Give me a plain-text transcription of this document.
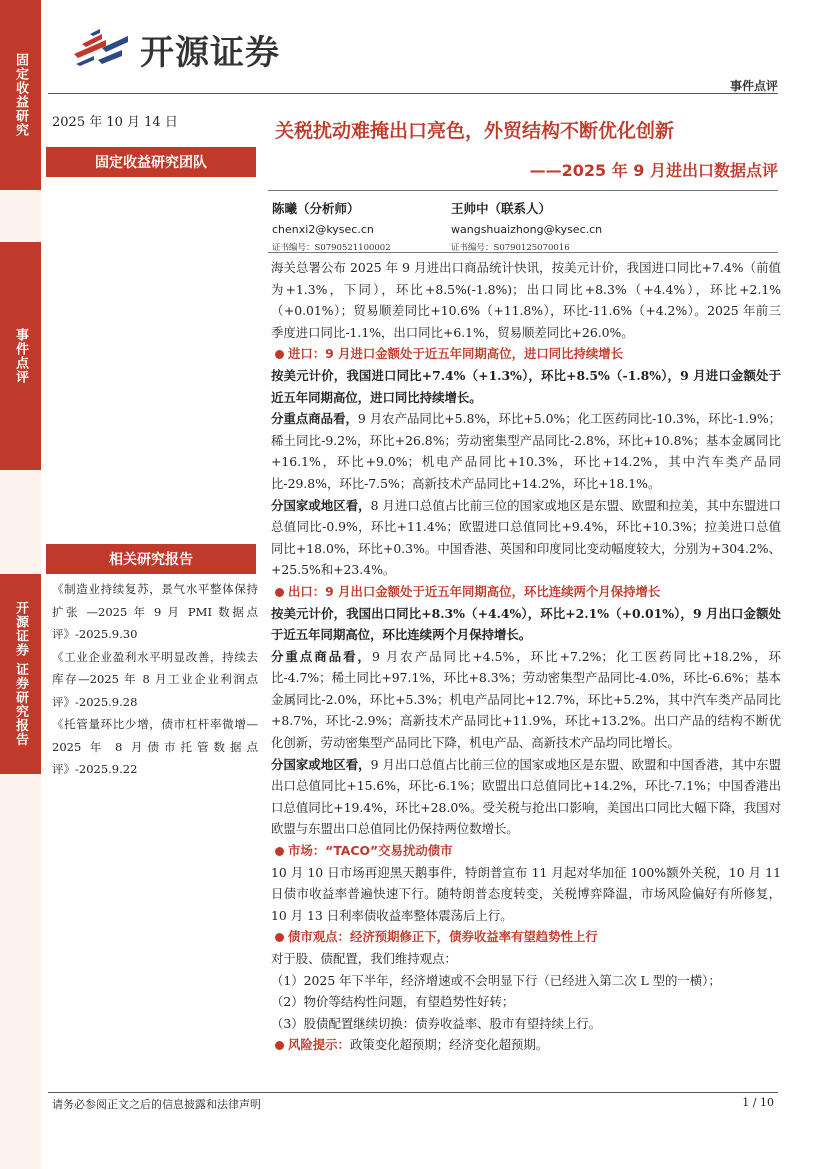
固定收益研究
事件点评
开源证券 证券研究报告
开源证券
事件点评
2025 年 10 月 14 日	关税扰动难掩出口亮色，外贸结构不断优化创新
——2025 年 9 月进出口数据点评
固定收益研究团队
陈曦（分析师）
chenxi2@kysec.cn
证书编号：S0790521100002
王帅中（联系人）
wangshuaizhong@kysec.cn
证书编号：S0790125070016

海关总署公布 2025 年 9 月进出口商品统计快讯，按美元计价，我国进口同比+7.4%（前值为+1.3%，下同），环比+8.5%(-1.8%)；出口同比+8.3%（+4.4%），环比+2.1%（+0.01%）；贸易顺差同比+10.6%（+11.8%），环比-11.6%（+4.2%）。2025 年前三季度进口同比-1.1%，出口同比+6.1%，贸易顺差同比+26.0%。

进口：9 月进口金额处于近五年同期高位，进口同比持续增长

按美元计价，我国进口同比+7.4%（+1.3%），环比+8.5%（-1.8%），9 月进口金额处于近五年同期高位，进口同比持续增长。

分重点商品看，9 月农产品同比+5.8%，环比+5.0%；化工医药同比-10.3%，环比-1.9%；稀土同比-9.2%，环比+26.8%；劳动密集型产品同比-2.8%，环比+10.8%；基本金属同比+16.1%，环比+9.0%；机电产品同比+10.3%，环比+14.2%，其中汽车类产品同比-29.8%，环比-7.5%；高新技术产品同比+14.2%，环比+18.1%。

分国家或地区看，8 月进口总值占比前三位的国家或地区是东盟、欧盟和拉美，其中东盟进口总值同比-0.9%，环比+11.4%；欧盟进口总值同比+9.4%，环比+10.3%；拉美进口总值同比+18.0%，环比+0.3%。中国香港、英国和印度同比变动幅度较大，分别为+304.2%、+25.5%和+23.4%。

出口：9 月出口金额处于近五年同期高位，环比连续两个月保持增长

按美元计价，我国出口同比+8.3%（+4.4%），环比+2.1%（+0.01%），9 月出口金额处于近五年同期高位，环比连续两个月保持增长。

分重点商品看，9 月农产品同比+4.5%，环比+7.2%；化工医药同比+18.2%，环比-4.7%；稀土同比+97.1%，环比+8.3%；劳动密集型产品同比-4.0%，环比-6.6%；基本金属同比-2.0%，环比+5.3%；机电产品同比+12.7%，环比+5.2%，其中汽车类产品同比+8.7%，环比-2.9%；高新技术产品同比+11.9%，环比+13.2%。出口产品的结构不断优化创新，劳动密集型产品同比下降，机电产品、高新技术产品均同比增长。

分国家或地区看，9 月出口总值占比前三位的国家或地区是东盟、欧盟和中国香港，其中东盟出口总值同比+15.6%，环比-6.1%；欧盟出口总值同比+14.2%，环比-7.1%；中国香港出口总值同比+19.4%，环比+28.0%。受关税与抢出口影响，美国出口同比大幅下降，我国对欧盟与东盟出口总值同比仍保持两位数增长。

市场：“TACO”交易扰动债市

10 月 10 日市场再迎黑天鹅事件，特朗普宣布 11 月起对华加征 100%额外关税，10 月 11 日债市收益率普遍快速下行。随特朗普态度转变，关税博弈降温，市场风险偏好有所修复，10 月 13 日利率债收益率整体震荡后上行。

债市观点：经济预期修正下，债券收益率有望趋势性上行

对于股、债配置，我们维持观点：

（1）2025 年下半年，经济增速或不会明显下行（已经进入第二次 L 型的一横）；

（2）物价等结构性问题，有望趋势性好转；

（3）股债配置继续切换：债券收益率、股市有望持续上行。

风险提示：政策变化超预期；经济变化超预期。
相关研究报告

《制造业持续复苏，景气水平整体保持扩张 —2025 年 9 月 PMI 数据点评》-2025.9.30

《工业企业盈利水平明显改善，持续去库存—2025 年 8 月工业企业利润点评》-2025.9.28

《托管量环比少增，债市杠杆率微增—2025 年 8 月债市托管数据点评》-2025.9.22

请务必参阅正文之后的信息披露和法律声明	1 / 10
